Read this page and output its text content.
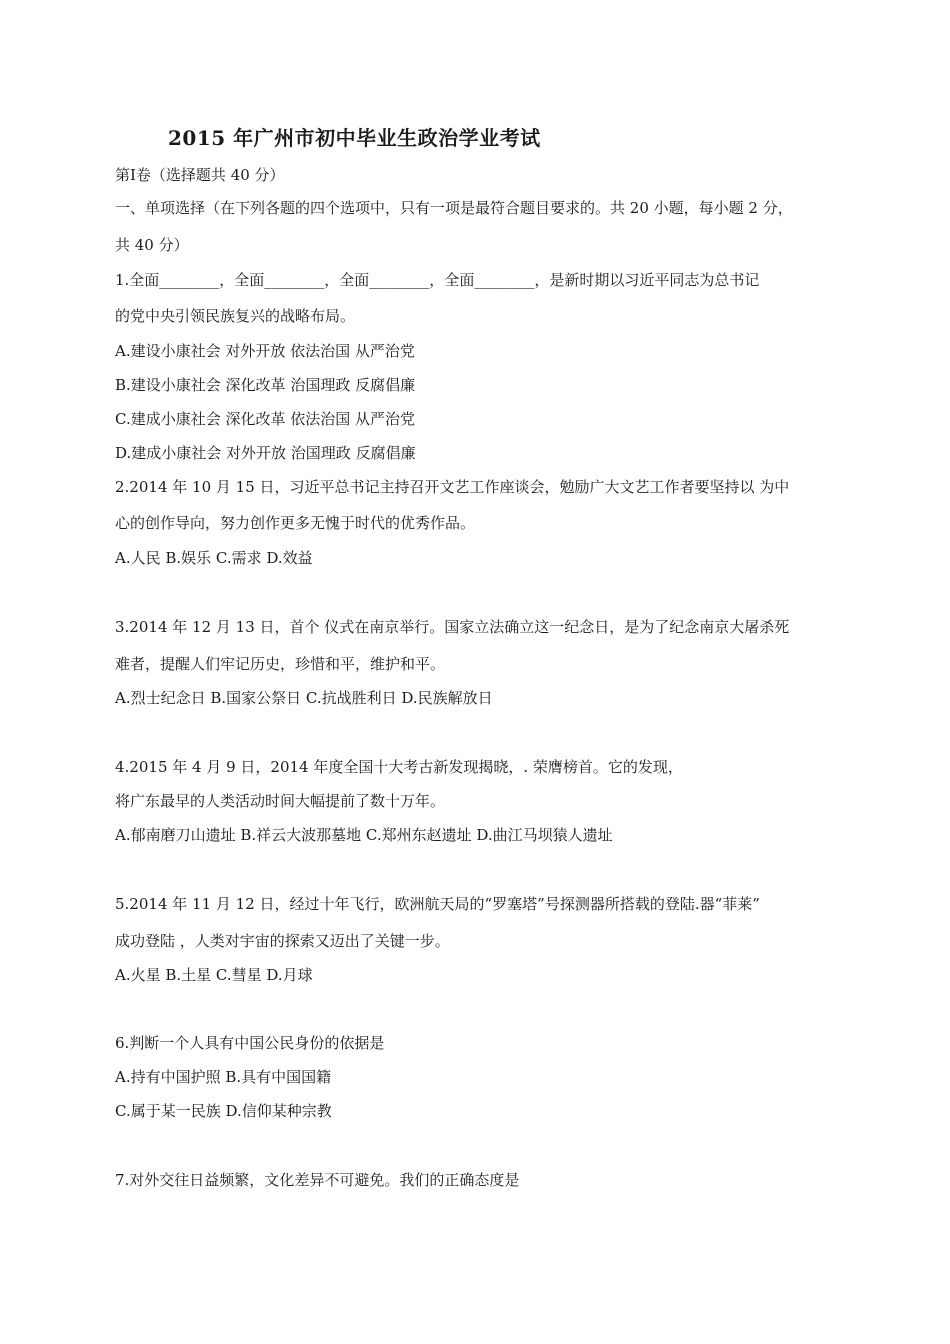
2015 年广州市初中毕业生政治学业考试
第Ⅰ卷（选择题共 40 分）
一、单项选择（在下列各题的四个选项中，只有一项是最符合题目要求的。共 20 小题，每小题 2 分，
共 40 分）
1.全面________，全面________，全面________，全面________，是新时期以习近平同志为总书记
的党中央引领民族复兴的战略布局。
A.建设小康社会 对外开放 依法治国 从严治党
B.建设小康社会 深化改革 治国理政 反腐倡廉
C.建成小康社会 深化改革 依法治国 从严治党
D.建成小康社会 对外开放 治国理政 反腐倡廉
2.2014 年 10 月 15 日，习近平总书记主持召开文艺工作座谈会，勉励广大文艺工作者要坚持以 为中
心的创作导向，努力创作更多无愧于时代的优秀作品。
A.人民 B.娱乐 C.需求 D.效益
3.2014 年 12 月 13 日，首个 仪式在南京举行。国家立法确立这一纪念日，是为了纪念南京大屠杀死
难者，提醒人们牢记历史，珍惜和平，维护和平。
A.烈士纪念日 B.国家公祭日 C.抗战胜利日 D.民族解放日
4.2015 年 4 月 9 日，2014 年度全国十大考古新发现揭晓，. 荣膺榜首。它的发现，
将广东最早的人类活动时间大幅提前了数十万年。
A.郁南磨刀山遗址 B.祥云大波那墓地 C.郑州东赵遗址 D.曲江马坝猿人遗址
5.2014 年 11 月 12 日，经过十年飞行，欧洲航天局的“罗塞塔”号探测器所搭载的登陆.器“菲莱”
成功登陆 ，人类对宇宙的探索又迈出了关键一步。
A.火星 B.土星 C.彗星 D.月球
6.判断一个人具有中国公民身份的依据是
A.持有中国护照 B.具有中国国籍
C.属于某一民族 D.信仰某种宗教
7.对外交往日益频繁，文化差异不可避免。我们的正确态度是
